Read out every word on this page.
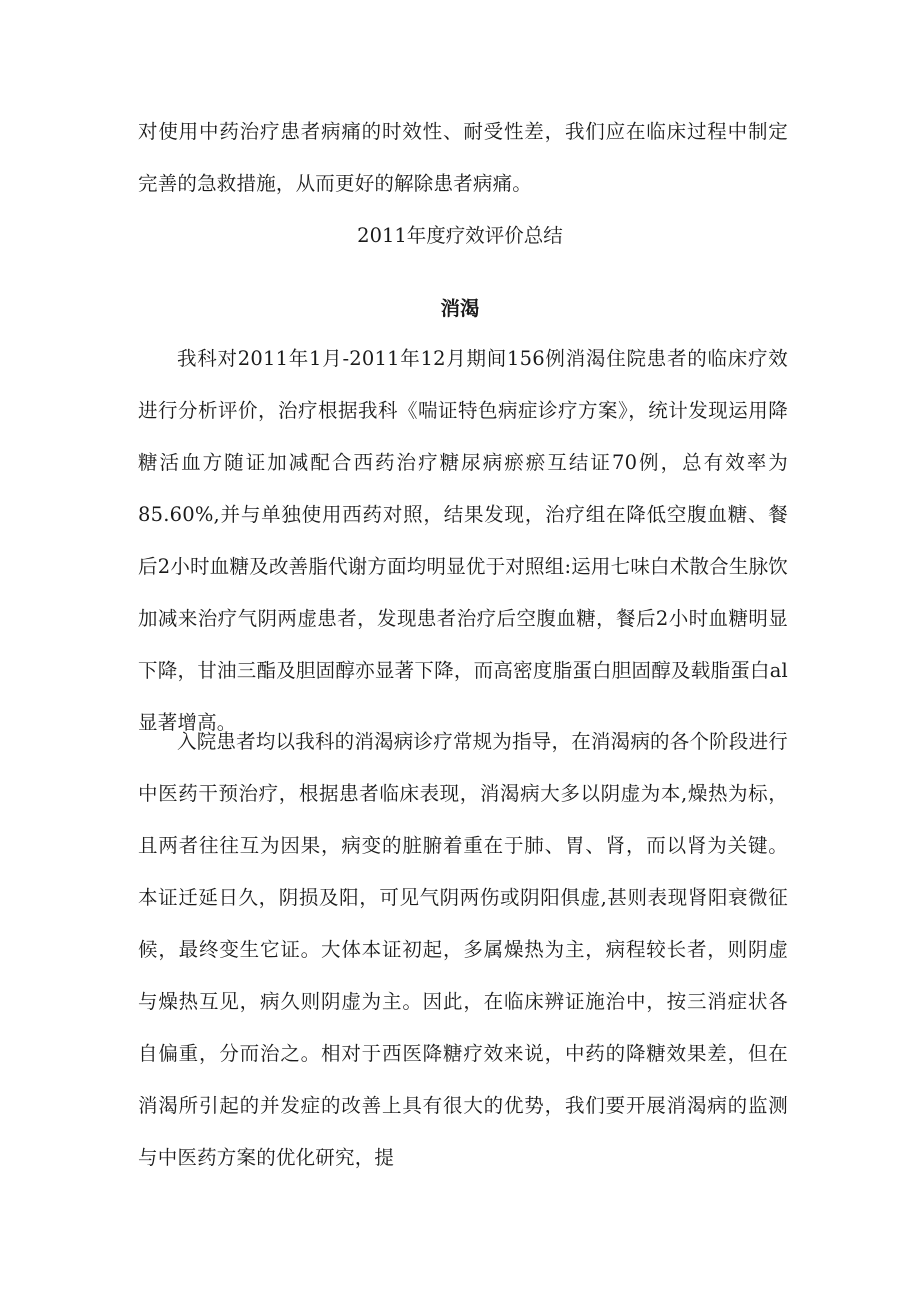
对使用中药治疗患者病痛的时效性、耐受性差，我们应在临床过程中制定完善的急救措施，从而更好的解除患者病痛。

2011年度疗效评价总结
消渴

我科对2011年1月-2011年12月期间156例消渴住院患者的临床疗效进行分析评价，治疗根据我科《喘证特色病症诊疗方案》，统计发现运用降糖活血方随证加减配合西药治疗糖尿病瘀瘀互结证70例，总有效率为85.60%,并与单独使用西药对照，结果发现，治疗组在降低空腹血糖、餐后2小时血糖及改善脂代谢方面均明显优于对照组:运用七味白术散合生脉饮加减来治疗气阴两虚患者，发现患者治疗后空腹血糖，餐后2小时血糖明显下降，甘油三酯及胆固醇亦显著下降，而高密度脂蛋白胆固醇及载脂蛋白al显著增高。

入院患者均以我科的消渴病诊疗常规为指导，在消渴病的各个阶段进行中医药干预治疗，根据患者临床表现，消渴病大多以阴虚为本,燥热为标，且两者往往互为因果，病变的脏腑着重在于肺、胃、肾，而以肾为关键。本证迁延日久，阴损及阳，可见气阴两伤或阴阳俱虚,甚则表现肾阳衰微征候，最终变生它证。大体本证初起，多属燥热为主，病程较长者，则阴虚与燥热互见，病久则阴虚为主。因此，在临床辨证施治中，按三消症状各自偏重，分而治之。相对于西医降糖疗效来说，中药的降糖效果差，但在消渴所引起的并发症的改善上具有很大的优势，我们要开展消渴病的监测与中医药方案的优化研究，提
